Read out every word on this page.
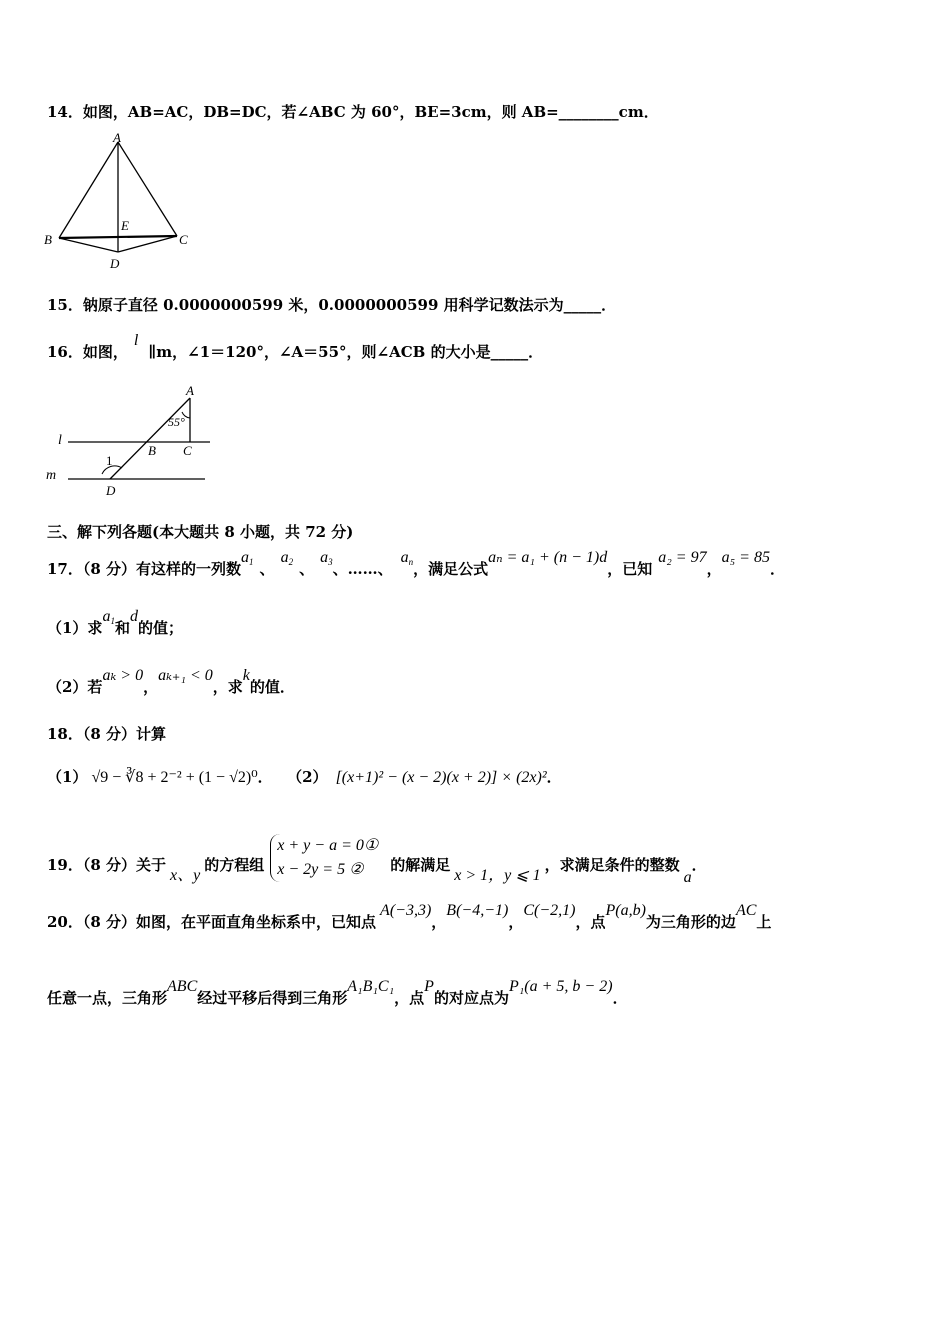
14．如图，AB=AC，DB=DC，若∠ABC 为 60°，BE=3cm，则 AB=________cm．
A
E
B	C
D
15．钠原子直径 0.0000000599 米，0.0000000599 用科学记数法示为_____．
16．如图，l∥m，∠1＝120°，∠A＝55°，则∠ACB 的大小是_____．
A
55°
l
m
B C
1
D
三、解下列各题(本大题共 8 小题，共 72 分)
17．（8 分）有这样的一列数$a_1$ 、$a_2$ 、$a_3$、……、$a_n$，满足公式aₙ = a₁ + (n − 1)d，已知a₂ = 97，a₅ = 85．
（1）求$a_1$和d的值；
（2）若aₖ > 0，aₖ₊₁ < 0，求k的值．
18．（8 分）计算
（1） √9 − ∛8 + 2⁻² + (1 − √2)⁰． （2） [(x+1)² − (x − 2)(x + 2)] × (2x)²．
19．（8 分）关于x、y的方程组
x + y − a = 0①
x − 2y = 5 ②	的解满足x > 1，y ⩽ 1，求满足条件的整数a．
20．（8 分）如图，在平面直角坐标系中，已知点A(−3,3)，B(−4,−1)，C(−2,1)，点P(a,b)为三角形的边AC上
任意一点，三角形ABC经过平移后得到三角形A₁B₁C₁，点P的对应点为P₁(a + 5, b − 2)．
